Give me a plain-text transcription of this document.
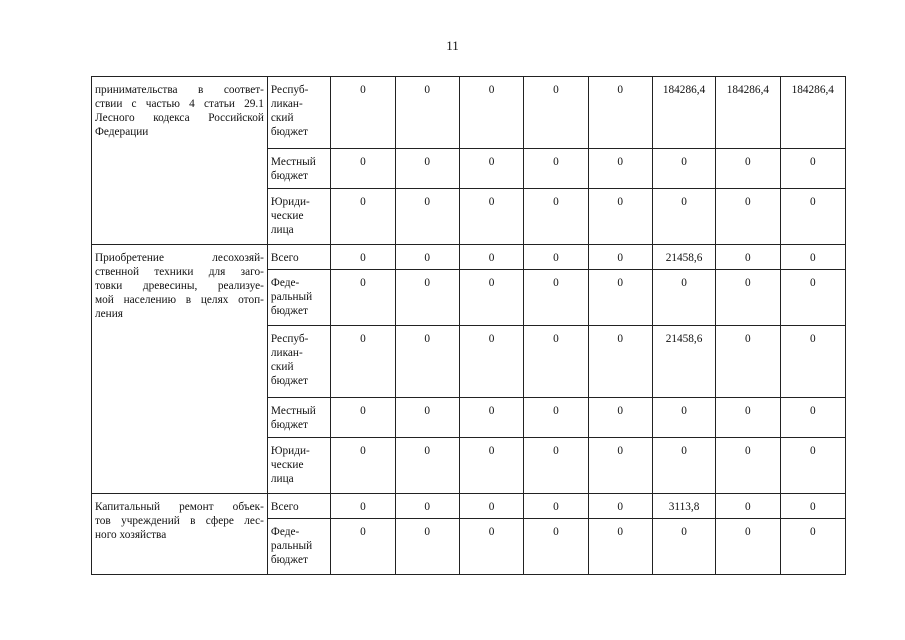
11
принимательства в соответ-
ствии с частью 4 статьи 29.1
Лесного кодекса Российской
Федерации	Респуб-
ликан-
ский
бюджет	0	0	0	0	0	184286,4	184286,4	184286,4

	Местный
бюджет	0	0	0	0	0	0	0	0

	Юриди-
ческие
лица	0	0	0	0	0	0	0	0

Приобретение лесохозяй-
ственной техники для заго-
товки древесины, реализуе-
мой населению в целях отоп-
ления	Всего	0	0	0	0	0	21458,6	0	0

	Феде-
ральный
бюджет	0	0	0	0	0	0	0	0

	Респуб-
ликан-
ский
бюджет	0	0	0	0	0	21458,6	0	0

	Местный
бюджет	0	0	0	0	0	0	0	0

	Юриди-
ческие
лица	0	0	0	0	0	0	0	0

Капитальный ремонт объек-
тов учреждений в сфере лес-
ного хозяйства	Всего	0	0	0	0	0	3113,8	0	0

	Феде-
ральный
бюджет	0	0	0	0	0	0	0	0
